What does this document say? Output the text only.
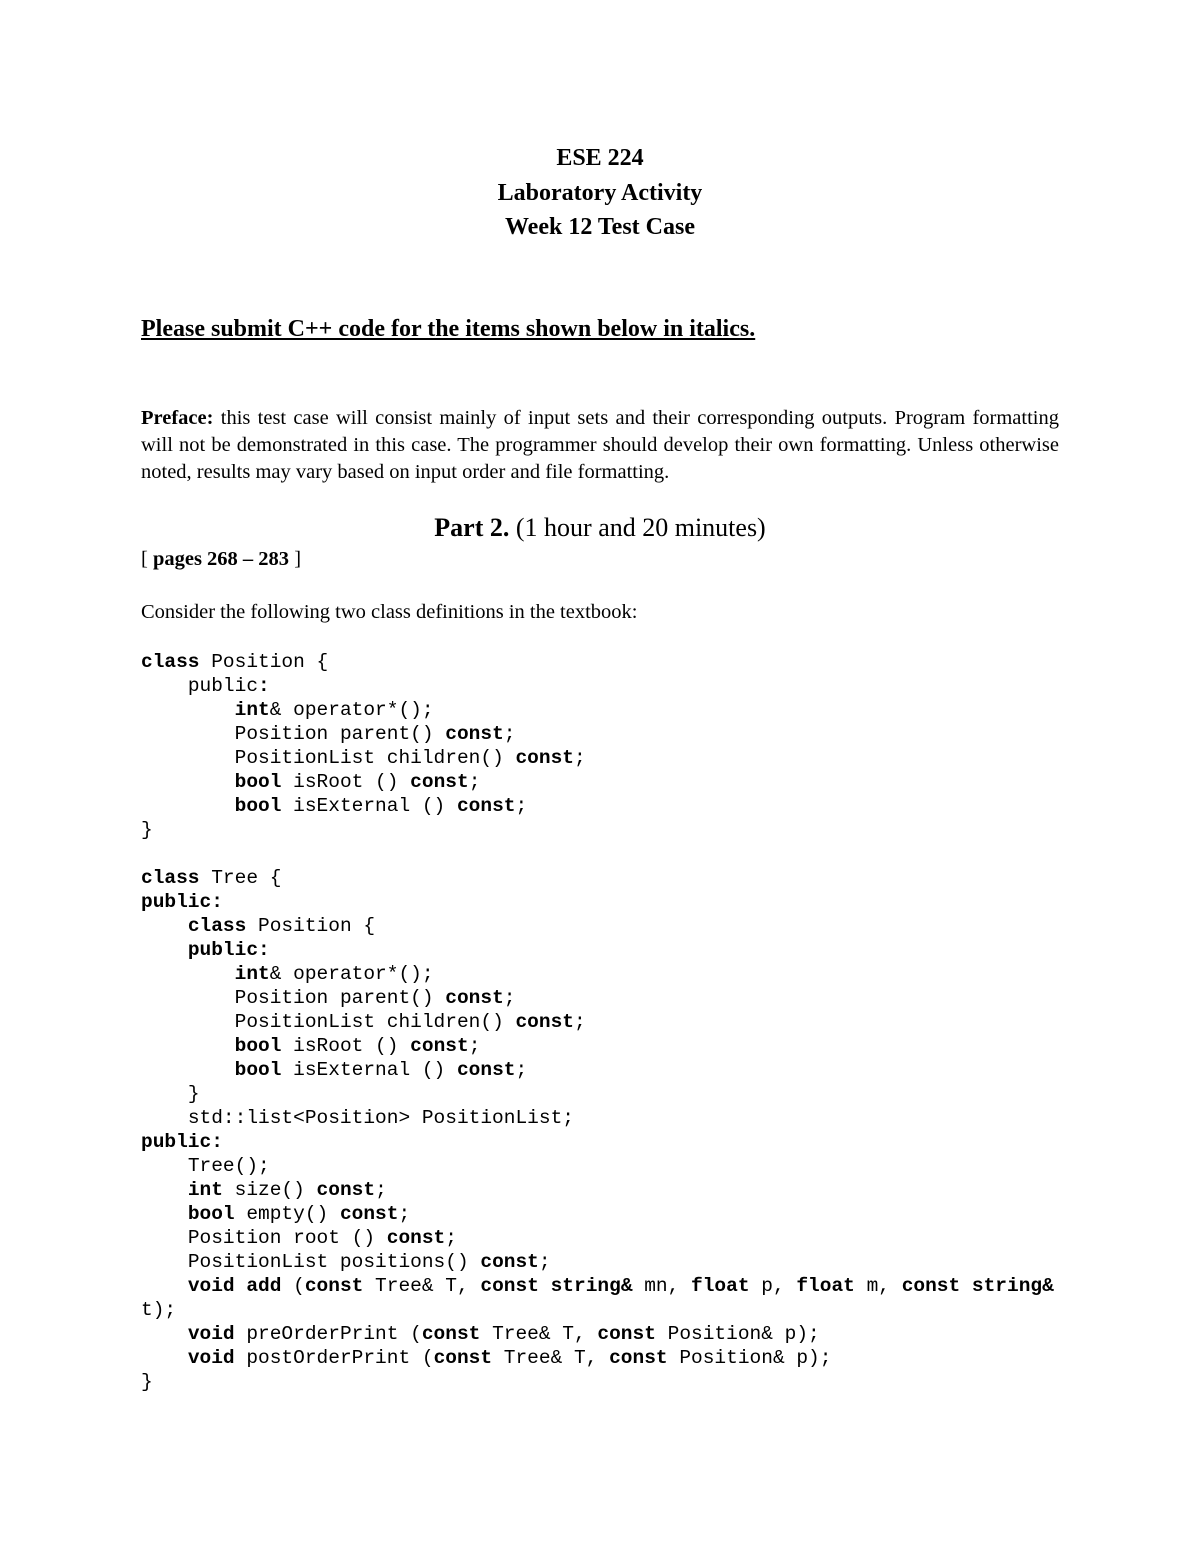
ESE 224
Laboratory Activity
Week 12 Test Case
Please submit C++ code for the items shown below in italics.
Preface: this test case will consist mainly of input sets and their corresponding outputs. Program formatting will not be demonstrated in this case. The programmer should develop their own formatting. Unless otherwise noted, results may vary based on input order and file formatting.
Part 2. (1 hour and 20 minutes)
[ pages 268 – 283 ]
Consider the following two class definitions in the textbook:
class Position {
	public:
		int& operator*();
		Position parent() const;
		PositionList children() const;
		bool isRoot () const;
		bool isExternal () const;
}
class Tree {
public:
	class Position {
	public:
		int& operator*();
		Position parent() const;
		PositionList children() const;
		bool isRoot () const;
		bool isExternal () const;
	}
	std::list<Position> PositionList;
public:
	Tree();
	int size() const;
	bool empty() const;
	Position root () const;
	PositionList positions() const;
	void add (const Tree& T, const string& mn, float p, float m, const string&
t);
	void preOrderPrint (const Tree& T, const Position& p);
	void postOrderPrint (const Tree& T, const Position& p);
}
